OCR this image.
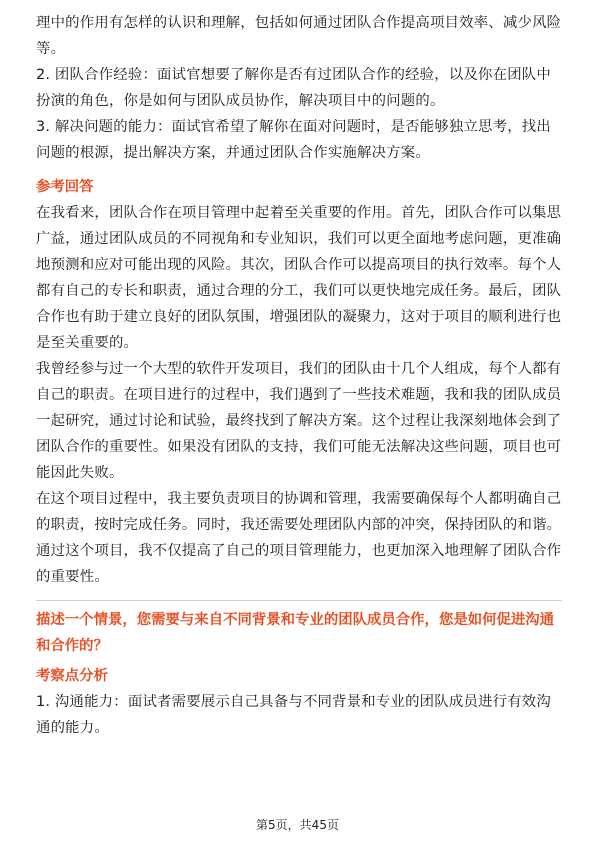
理中的作用有怎样的认识和理解，包括如何通过团队合作提高项目效率、减少风险等。

2. 团队合作经验：面试官想要了解你是否有过团队合作的经验，以及你在团队中扮演的角色，你是如何与团队成员协作，解决项目中的问题的。

3. 解决问题的能力：面试官希望了解你在面对问题时，是否能够独立思考，找出问题的根源，提出解决方案，并通过团队合作实施解决方案。

参考回答

在我看来，团队合作在项目管理中起着至关重要的作用。首先，团队合作可以集思广益，通过团队成员的不同视角和专业知识，我们可以更全面地考虑问题，更准确地预测和应对可能出现的风险。其次，团队合作可以提高项目的执行效率。每个人都有自己的专长和职责，通过合理的分工，我们可以更快地完成任务。最后，团队合作也有助于建立良好的团队氛围，增强团队的凝聚力，这对于项目的顺利进行也是至关重要的。

我曾经参与过一个大型的软件开发项目，我们的团队由十几个人组成，每个人都有自己的职责。在项目进行的过程中，我们遇到了一些技术难题，我和我的团队成员一起研究，通过讨论和试验，最终找到了解决方案。这个过程让我深刻地体会到了团队合作的重要性。如果没有团队的支持，我们可能无法解决这些问题，项目也可能因此失败。

在这个项目过程中，我主要负责项目的协调和管理，我需要确保每个人都明确自己的职责，按时完成任务。同时，我还需要处理团队内部的冲突，保持团队的和谐。通过这个项目，我不仅提高了自己的项目管理能力，也更加深入地理解了团队合作的重要性。

描述一个情景，您需要与来自不同背景和专业的团队成员合作，您是如何促进沟通和合作的？

考察点分析

1. 沟通能力：面试者需要展示自己具备与不同背景和专业的团队成员进行有效沟通的能力。

第5页，共45页
